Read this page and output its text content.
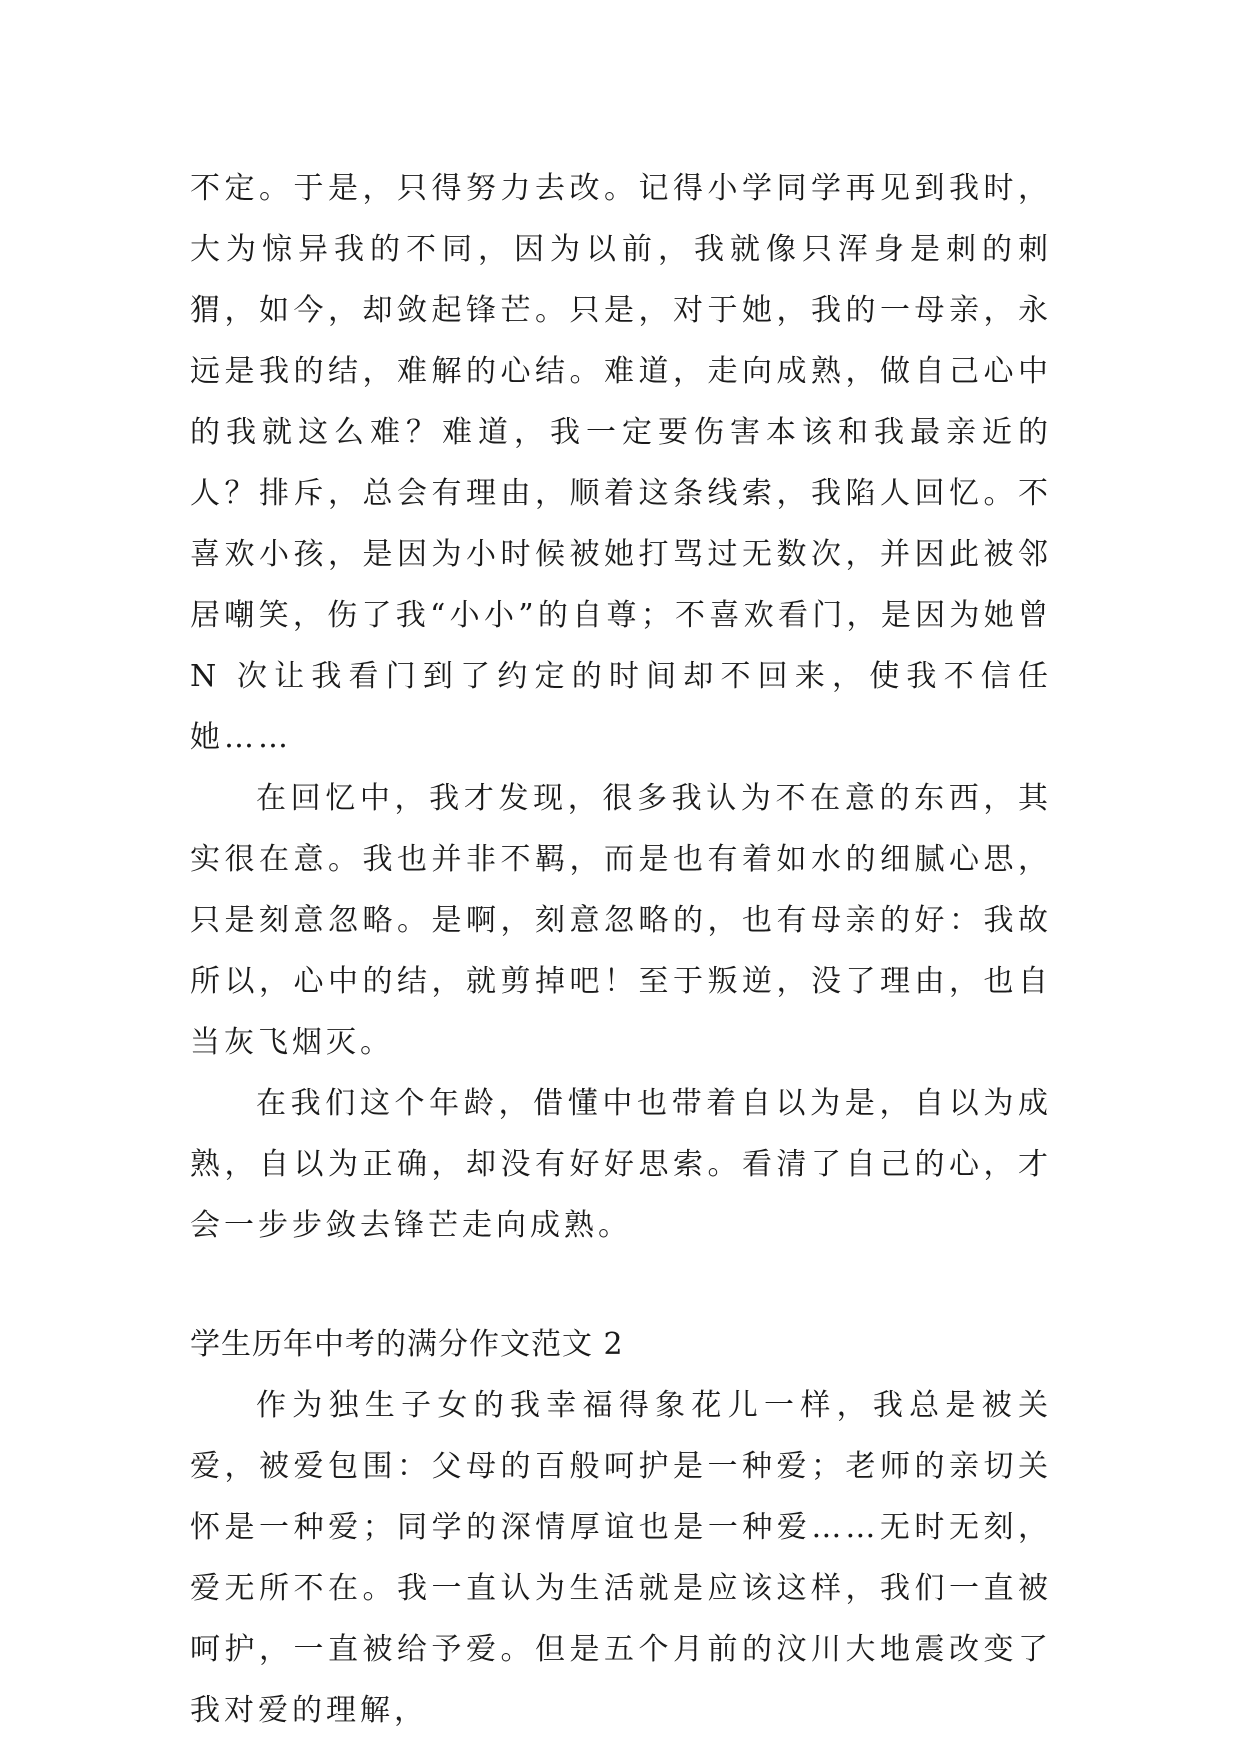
不定。于是，只得努力去改。记得小学同学再见到我时，大为惊异我的不同，因为以前，我就像只浑身是刺的刺猬，如今，却敛起锋芒。只是，对于她，我的一母亲，永远是我的结，难解的心结。难道，走向成熟，做自己心中的我就这么难？难道，我一定要伤害本该和我最亲近的人？排斥，总会有理由，顺着这条线索，我陷人回忆。不喜欢小孩，是因为小时候被她打骂过无数次，并因此被邻居嘲笑，伤了我“小小”的自尊；不喜欢看门，是因为她曾 N 次让我看门到了约定的时间却不回来，使我不信任她……

在回忆中，我才发现，很多我认为不在意的东西，其实很在意。我也并非不羁，而是也有着如水的细腻心思，只是刻意忽略。是啊，刻意忽略的，也有母亲的好：我故所以，心中的结，就剪掉吧！至于叛逆，没了理由，也自当灰飞烟灭。

在我们这个年龄，借懂中也带着自以为是，自以为成熟，自以为正确，却没有好好思索。看清了自己的心，才会一步步敛去锋芒走向成熟。

学生历年中考的满分作文范文 2

作为独生子女的我幸福得象花儿一样，我总是被关爱，被爱包围：父母的百般呵护是一种爱；老师的亲切关怀是一种爱；同学的深情厚谊也是一种爱……无时无刻，爱无所不在。我一直认为生活就是应该这样，我们一直被呵护，一直被给予爱。但是五个月前的汶川大地震改变了我对爱的理解，
